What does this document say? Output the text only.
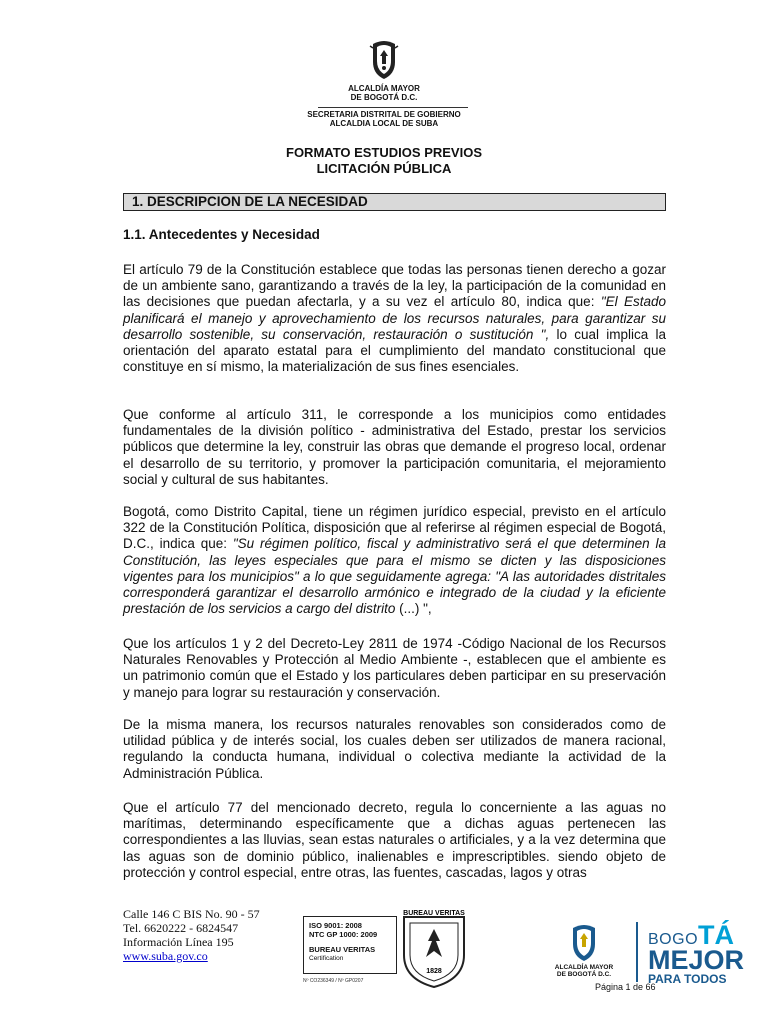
ALCALDÍA MAYOR
DE BOGOTÁ D.C.
SECRETARIA DISTRITAL DE GOBIERNO
ALCALDIA LOCAL DE SUBA
FORMATO ESTUDIOS PREVIOS
LICITACIÓN PÚBLICA
1. DESCRIPCION DE LA NECESIDAD
1.1. Antecedentes y Necesidad

El artículo 79 de la Constitución establece que todas las personas tienen derecho a gozar de un ambiente sano, garantizando a través de la ley, la participación de la comunidad en las decisiones que puedan afectarla, y a su vez el artículo 80, indica que: "El Estado planificará el manejo y aprovechamiento de los recursos naturales, para garantizar su desarrollo sostenible, su conservación, restauración o sustitución ", lo cual implica la orientación del aparato estatal para el cumplimiento del mandato constitucional que constituye en sí mismo, la materialización de sus fines esenciales.

Que conforme al artículo 311, le corresponde a los municipios como entidades fundamentales de la división político - administrativa del Estado, prestar los servicios públicos que determine la ley, construir las obras que demande el progreso local, ordenar el desarrollo de su territorio, y promover la participación comunitaria, el mejoramiento social y cultural de sus habitantes.

Bogotá, como Distrito Capital, tiene un régimen jurídico especial, previsto en el artículo 322 de la Constitución Política, disposición que al referirse al régimen especial de Bogotá, D.C., indica que: "Su régimen político, fiscal y administrativo será el que determinen la Constitución, las leyes especiales que para el mismo se dicten y las disposiciones vigentes para los municipios" a lo que seguidamente agrega: "A las autoridades distritales corresponderá garantizar el desarrollo armónico e integrado de la ciudad y la eficiente prestación de los servicios a cargo del distrito (...) ",

Que los artículos 1 y 2 del Decreto-Ley 2811 de 1974 -Código Nacional de los Recursos Naturales Renovables y Protección al Medio Ambiente -, establecen que el ambiente es un patrimonio común que el Estado y los particulares deben participar en su preservación y manejo para lograr su restauración y conservación.

De la misma manera, los recursos naturales renovables son considerados como de utilidad pública y de interés social, los cuales deben ser utilizados de manera racional, regulando la conducta humana, individual o colectiva mediante la actividad de la Administración Pública.

Que el artículo 77 del mencionado decreto, regula lo concerniente a las aguas no marítimas, determinando específicamente que a dichas aguas pertenecen las correspondientes a las lluvias, sean estas naturales o artificiales, y a la vez determina que las aguas son de dominio público, inalienables e imprescriptibles. siendo objeto de protección y control especial, entre otras, las fuentes, cascadas, lagos y otras

Calle 146 C BIS No. 90 - 57
Tel. 6620222 - 6824547
Información Línea 195
www.suba.gov.co
ISO 9001: 2008
NTC GP 1000: 2009
BUREAU VERITAS
Certification
Nº CO236349 / Nº GP0207
BUREAU VERITAS
1828
ALCALDÍA MAYOR
DE BOGOTÁ D.C.
BOGOTÁ
MEJOR
PARA TODOS
Página 1 de 66
